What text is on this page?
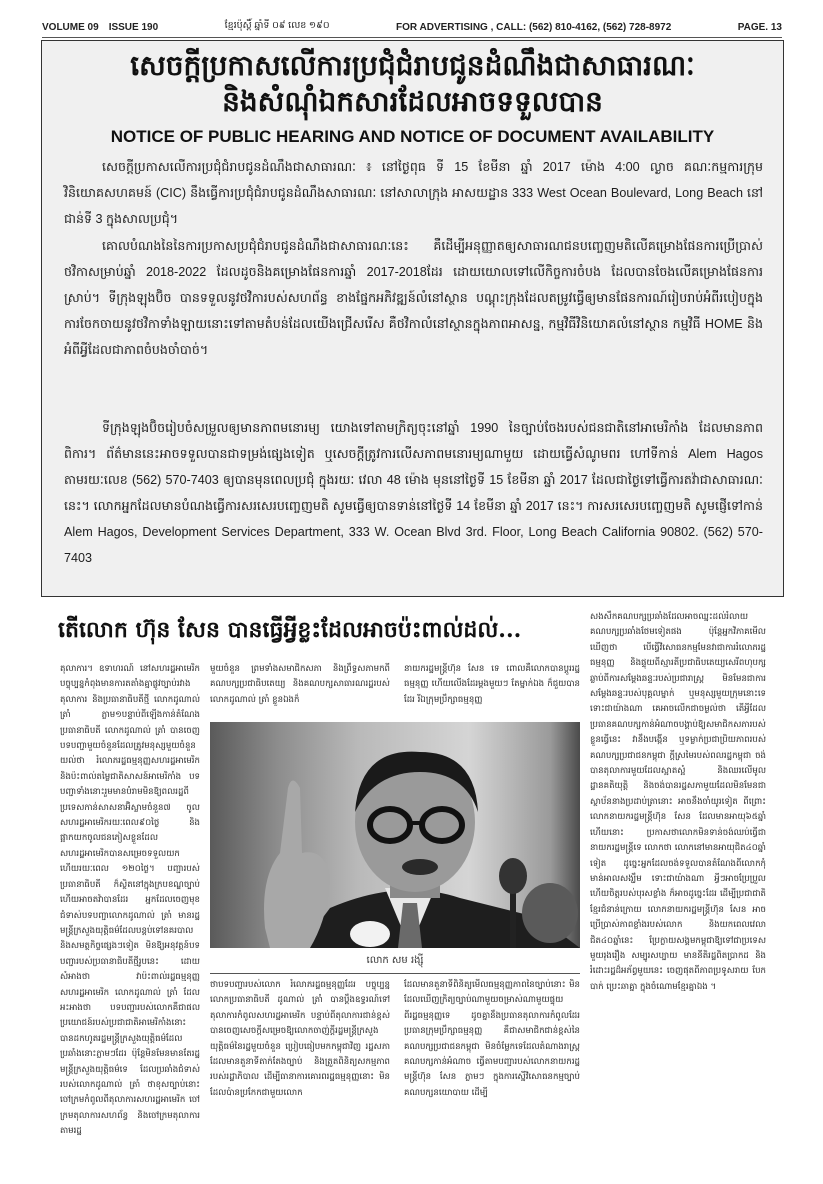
VOLUME 09 ISSUE 190	ខ្មែរប៉ុស្តិ៍ ឆ្នាំទី ០៩ លេខ ១៩០	FOR ADVERTISING , CALL: (562) 810-4162, (562) 728-8972	PAGE. 13
សេចក្តីប្រកាសលើការប្រជុំជំរាបជូនដំណឹងជាសាធារណៈ
និងសំណុំឯកសារដែលអាចទទួលបាន
NOTICE OF PUBLIC HEARING AND NOTICE OF DOCUMENT AVAILABILITY

សេចក្តីប្រកាសលើការប្រជុំជំរាបជូនដំណឹងជាសាធារណៈ ៖ នៅថ្ងៃពុធ ទី 15 ខែមីនា ឆ្នាំ 2017 ម៉ោង 4:00 ល្ងាច គណៈកម្មការក្រុមវិនិយោគសហគមន៍ (CIC) នឹងធ្វើការប្រជុំជំរាបជូនដំណឹងសាធារណៈ នៅសាលាក្រុង អាសយដ្ឋាន 333 West Ocean Boulevard, Long Beach នៅជាន់ទី 3 ក្នុងសាលប្រជុំ។

គោលបំណងនៃនៃការប្រកាសប្រជុំជំរាបជូនដំណឹងជាសាធារណៈនេះ គឺដើម្បីអនុញ្ញាតឲ្យសាធារណជនបញ្ចេញមតិលើគម្រោងផែនការប្រើប្រាស់ថវិកាសម្រាប់ឆ្នាំ 2018-2022 ដែលដូចនិងគម្រោងផែនការឆ្នាំ 2017-2018ដែរ ដោយយោលទៅលើកិច្ចការចំបង ដែលបានចែងលើគម្រោងផែនការស្រាប់។ ទីក្រុងឡុងប៊ិច បានទទួលនូវថវិការបស់សហព័ន្ធ ខាងផ្នែកអភិវឌ្ឍន៍លំនៅស្ថាន បណ្តុះក្រុងដែលតម្រូវធ្វើឲ្យមានផែនការណ៍រៀបរាប់អំពីរបៀបក្នុងការចែកចាយនូវថវិកាទាំងឡាយនោះទៅតាមតំបន់ដែលយើងជ្រើសរើស គឺថវិកាលំនៅស្ថានក្នុងភាពអាសន្ន, កម្មវិធីវិនិយោគលំនៅស្ថាន កម្មវិធី HOME និងអំពីអ្វីដែលជាភាពចំបងចាំបាច់។

ទីក្រុងឡុងប៊ិចរៀបចំសម្រួលឲ្យមានភាពមនោរម្យ យោងទៅតាមក្រិត្យចុះនៅឆ្នាំ 1990 នៃច្បាប់ចែងរបស់ជនជាតិនៅអាមេរិកាំង ដែលមានភាពពិការ។ ព័ត៌មាននេះអាចទទួលបានជាទម្រង់ផ្សេងទៀត ឬសេចក្តីត្រូវការលើសភាពមនោរម្យណាមួយ ដោយធ្វើសំណូមពរ ហៅទីកាន់ Alem Hagos តាមរយៈលេខ (562) 570-7403 ឲ្យបានមុនពេលប្រជុំ ក្នុងរយៈ វេលា 48 ម៉ោង មុននៅថ្ងៃទី 15 ខែមីនា ឆ្នាំ 2017 ដែលជាថ្ងៃទៅធ្វើការតវ៉ាជាសាធារណៈនេះ។ លោកអ្នកដែលមានបំណងធ្វើការសរសេរបញ្ចេញមតិ សូមធ្វើឲ្យបានទាន់នៅថ្ងៃទី 14 ខែមីនា ឆ្នាំ 2017 នេះ។ ការសរសេរបញ្ចេញមតិ សូមផ្ញើទៅកាន់ Alem Hagos, Development Services Department, 333 W. Ocean Blvd 3rd. Floor, Long Beach California 90802. (562) 570-7403

តើលោក ហ៊ុន សែន បានធ្វើអ្វីខ្លះដែលអាចប៉ះពាល់ដល់...

តុលាការ។ ឧទាហរណ៍ នៅសហរដ្ឋអាមេរិក បច្ចុប្បន្នកំពុងមានការតតាំងគ្នាផ្លូវច្បាប់រវាងតុលាការ និងប្រធានាធិបតីថ្មី លោកដូណាល់ ត្រាំ ភ្លាម១បន្ទាប់ពីឡើងកាន់តំណែងប្រធានាធិបតី លោកដូណាល់ ត្រាំ បានចេញបទបញ្ជាមួយចំនួនដែលត្រូវមនុស្សមួយចំនួនយល់ថា រំលោភរដ្ឋធម្មនុញ្ញសហរដ្ឋអាមេរិក និងប៉ះពាល់តម្លៃជាតិសាសន៍អាមេរិកាំង បទបញ្ជាទាំងនោះរួមមានបំរាមមិនឱ្យពលរដ្ឋពីប្រទេសកាន់សាសនាអ៊ិស្លាមចំនួន៧ ចូលសហរដ្ឋអាមេរិករយៈពេល៩០ថ្ងៃ និងផ្អាកយកចូលជនភៀសខ្លួនដែលសហរដ្ឋអាមេរិកបានសម្រេចទទួលយកហើយរយៈពេល ១២០ថ្ងៃ។ បញ្ជារបស់ប្រធានាធិបតី ក៏ស្ថិតនៅក្នុងក្របខណ្ឌច្បាប់ ហើយអាចតវ៉ាបានដែរ អ្នកដែលចេញមុខជំទាស់បទបញ្ជាលោកដូណាល់ ត្រាំ មានរដ្ឋមន្ត្រីក្រសួងយុត្តិធម៌ដែលបន្តប់ទៅនគរបាល និងសមត្ថកិច្ចផ្សេងៗទៀត មិនឱ្យអនុវត្តន៍បទបញ្ជារបស់ប្រធានាធិបតីថ្មីរូបនេះ ដោយសំអាងថា វាប៉ះពាល់រដ្ឋធម្មនុញ្ញសហរដ្ឋអាមេរិក លោកដូណាល់ ត្រាំ ដែលអះអាងថា បទបញ្ជារបស់លោកគឺជាផលប្រយោជន៍របស់ប្រជាជាតិអាមេរិកាំងនោះ បានដកហូតរដ្ឋមន្ត្រីក្រសួងយុត្តិធម៌ដែលប្រឆាំងនោះភ្លាមៗដែរ ប៉ុន្តែមិនមែនមានតែរដ្ឋមន្ត្រីក្រសួងយុត្តិធម៌ទេ ដែលប្រឆាំងជំទាស់របស់លោកដូណាល់ ត្រាំ ថាខុសច្បាប់នោះ ចៅក្រមកំពូលពីតុលាការសហរដ្ឋអាមេរិក ចៅក្រមតុលាការសហព័ន្ធ និងចៅក្រមតុលាការតាមរដ្ឋ

មួយចំនួន ព្រមទាំងសមាជិកសភា និងព្រឹទ្ធសភាមកពីគណបក្សប្រជាធិបតេយ្យ និងគណបក្សសាធារណរដ្ឋរបស់លោកដូណាល់ ត្រាំ ខ្លួនឯងក៏

នាយករដ្ឋមន្ត្រីហ៊ុន សែន ទេ ពោលគឺលោកបានប្តូររដ្ឋធម្មនុញ្ញ ហើយលើងដែរម្តងមួយៗ តែម្នាក់ឯង ក៏ជួយបានដែរ រីឯក្រុមប្រឹក្សាធម្មនុញ្ញ

សងសឹកគណបក្សប្រឆាំងដែលអាចឈ្នះដល់រំលាយគណបក្សប្រឆាំងថែមទៀតផង ប៉ុន្តែអ្នកវិភាគមើលឃើញថា បើធ្វើវិសោធនកម្មមែនវាជាការរំលោភរដ្ឋធម្មនុញ្ញ និងផ្ទុយពីស្មារតីប្រជាធិបតេយ្យសេរីពហុបក្ស ឆ្លាប់ពីការសម្តែងឆន្ទៈរបស់ប្រជារាស្ត្រ មិនមែនជាការសម្តែងឆន្ទៈរបស់បុគ្គលម្នាក់ ឬមនុស្សមួយក្រុមនោះទេ ទោះជាយ៉ាងណា គេអាចលើកជាចម្ងល់ថា តើអ្វីដែលប្រធានគណបក្សកាន់អំណាចបង្គាប់ឱ្យសមាជិកសភារបស់ខ្លួនធ្វើនេះ វានឹងបង្កើន ឬទម្លាក់ប្រជាប្រិយភាពរបស់គណបក្សប្រជាជនកម្ពុជា ក្តីស្រមៃរបស់ពលរដ្ឋកម្ពុជា ចង់បានតុលាការមួយដែលស្អាតស្អំ និងឈរលើមូលដ្ឋានគតិយុត្តិ និងចង់បានរដ្ឋសភាមួយដែលមិនមែនជាស្ថាប័ននាងប្រដាប់ត្រានោះ អាចនឹងចាំយូរទៀត ពីព្រោះលោកនាយករដ្ឋមន្ត្រីហ៊ុន សែន ដែលមានអាយុ៦៥ឆ្នាំហើយនោះ ប្រកាសថាលោកមិនទាន់ចង់ឈប់ធ្វើជានាយករដ្ឋមន្ត្រីទេ លោកថា លោកនៅមានអាយុជិត៤០ឆ្នាំទៀត ដូច្នេះអ្នកដែលចង់ទទួលបានតំណែងពីលោកកុំមាន់អាលសង្ឃឹម ទោះជាយ៉ាងណា អ្វីៗអាចប្រែប្រួល ហើយចិត្តរបស់បុរសខ្លាំង ក៏អាចដូច្នេះដែរ ដើម្បីប្រជាជាតិខ្មែរជំនាន់ក្រោយ លោកនាយករដ្ឋមន្ត្រីហ៊ុន សែន អាចប្រើប្រាស់ភាពខ្លាំងរបស់លោក និងយកពេលវេលាជិត៤០ឆ្នាំនេះ ប្រែក្លាយសង្គមកម្ពុជាឱ្យទៅជាប្រទេសមួយរុងរឿង សម្បូរសប្បាយ មាននីតិរដ្ឋពិតប្រាកដ និងរំដោះរដ្ឋដ៏អភ័ព្វមួយនេះ ចេញផុតពីភាពប្រទូសរាយ បែកបាក់ ប្រេះឆាគ្នា ក្នុងចំណោមខ្មែរគ្នាឯង ។

លោក សម រង្ស៊ី

ថាបទបញ្ជារបស់លោក រំលោភរដ្ឋធម្មនុញ្ញដែរ បច្ចុប្បន្នលោកប្រធានាធិបតី ដូណាល់ ត្រាំ បានប្តឹងឧទ្ធរណ៍ទៅតុលាការកំពូលសហរដ្ឋអាមេរិក បន្ទាប់ពីតុលាការជាន់ខ្ពស់បានចេញសេចក្តីសម្រេចឱ្យលោកចាញ់ក្តីរដ្ឋមន្ត្រីក្រសួងយុត្តិធម៌នៃរដ្ឋមួយចំនួន ប្រៀបធៀបមកកម្ពុជាវិញ រដ្ឋសភាដែលមានតួនាទីតាក់តែងច្បាប់ និងត្រួតពិនិត្យសកម្មភាពរបស់រដ្ឋាភិបាល ដើម្បីធានាការគោរពរដ្ឋធម្មនុញ្ញនោះ មិនដែលប៉ានប្រកែកជាមួយលោក

ដែលមានតួនាទីពិនិត្យមើលធម្មនុញ្ញភាពនៃច្បាប់នោះ មិនដែលឃើញក្រិត្យច្បាប់ណាមួយចម្រាស់ណាមួយផ្ទុយពីរដ្ឋធម្មនុញ្ញទេ ដូចគ្នានឹងប្រធានតុលាការកំពូលដែរ ប្រធានក្រុមប្រឹក្សាធម្មនុញ្ញ គឺជាសមាជិកជាន់ខ្ពស់នៃគណបក្សប្រជាជនកម្ពុជា មិនចំម្លែកទេដែលតំណាងរាស្ត្រគណបក្សកាន់អំណាច ធ្វើតាមបញ្ជារបស់លោកនាយករដ្ឋមន្ត្រីហ៊ុន សែន ភ្លាមៗ ក្នុងការស្នើវិសោធនកម្មច្បាប់គណបក្សនយោបាយ ដើម្បី
